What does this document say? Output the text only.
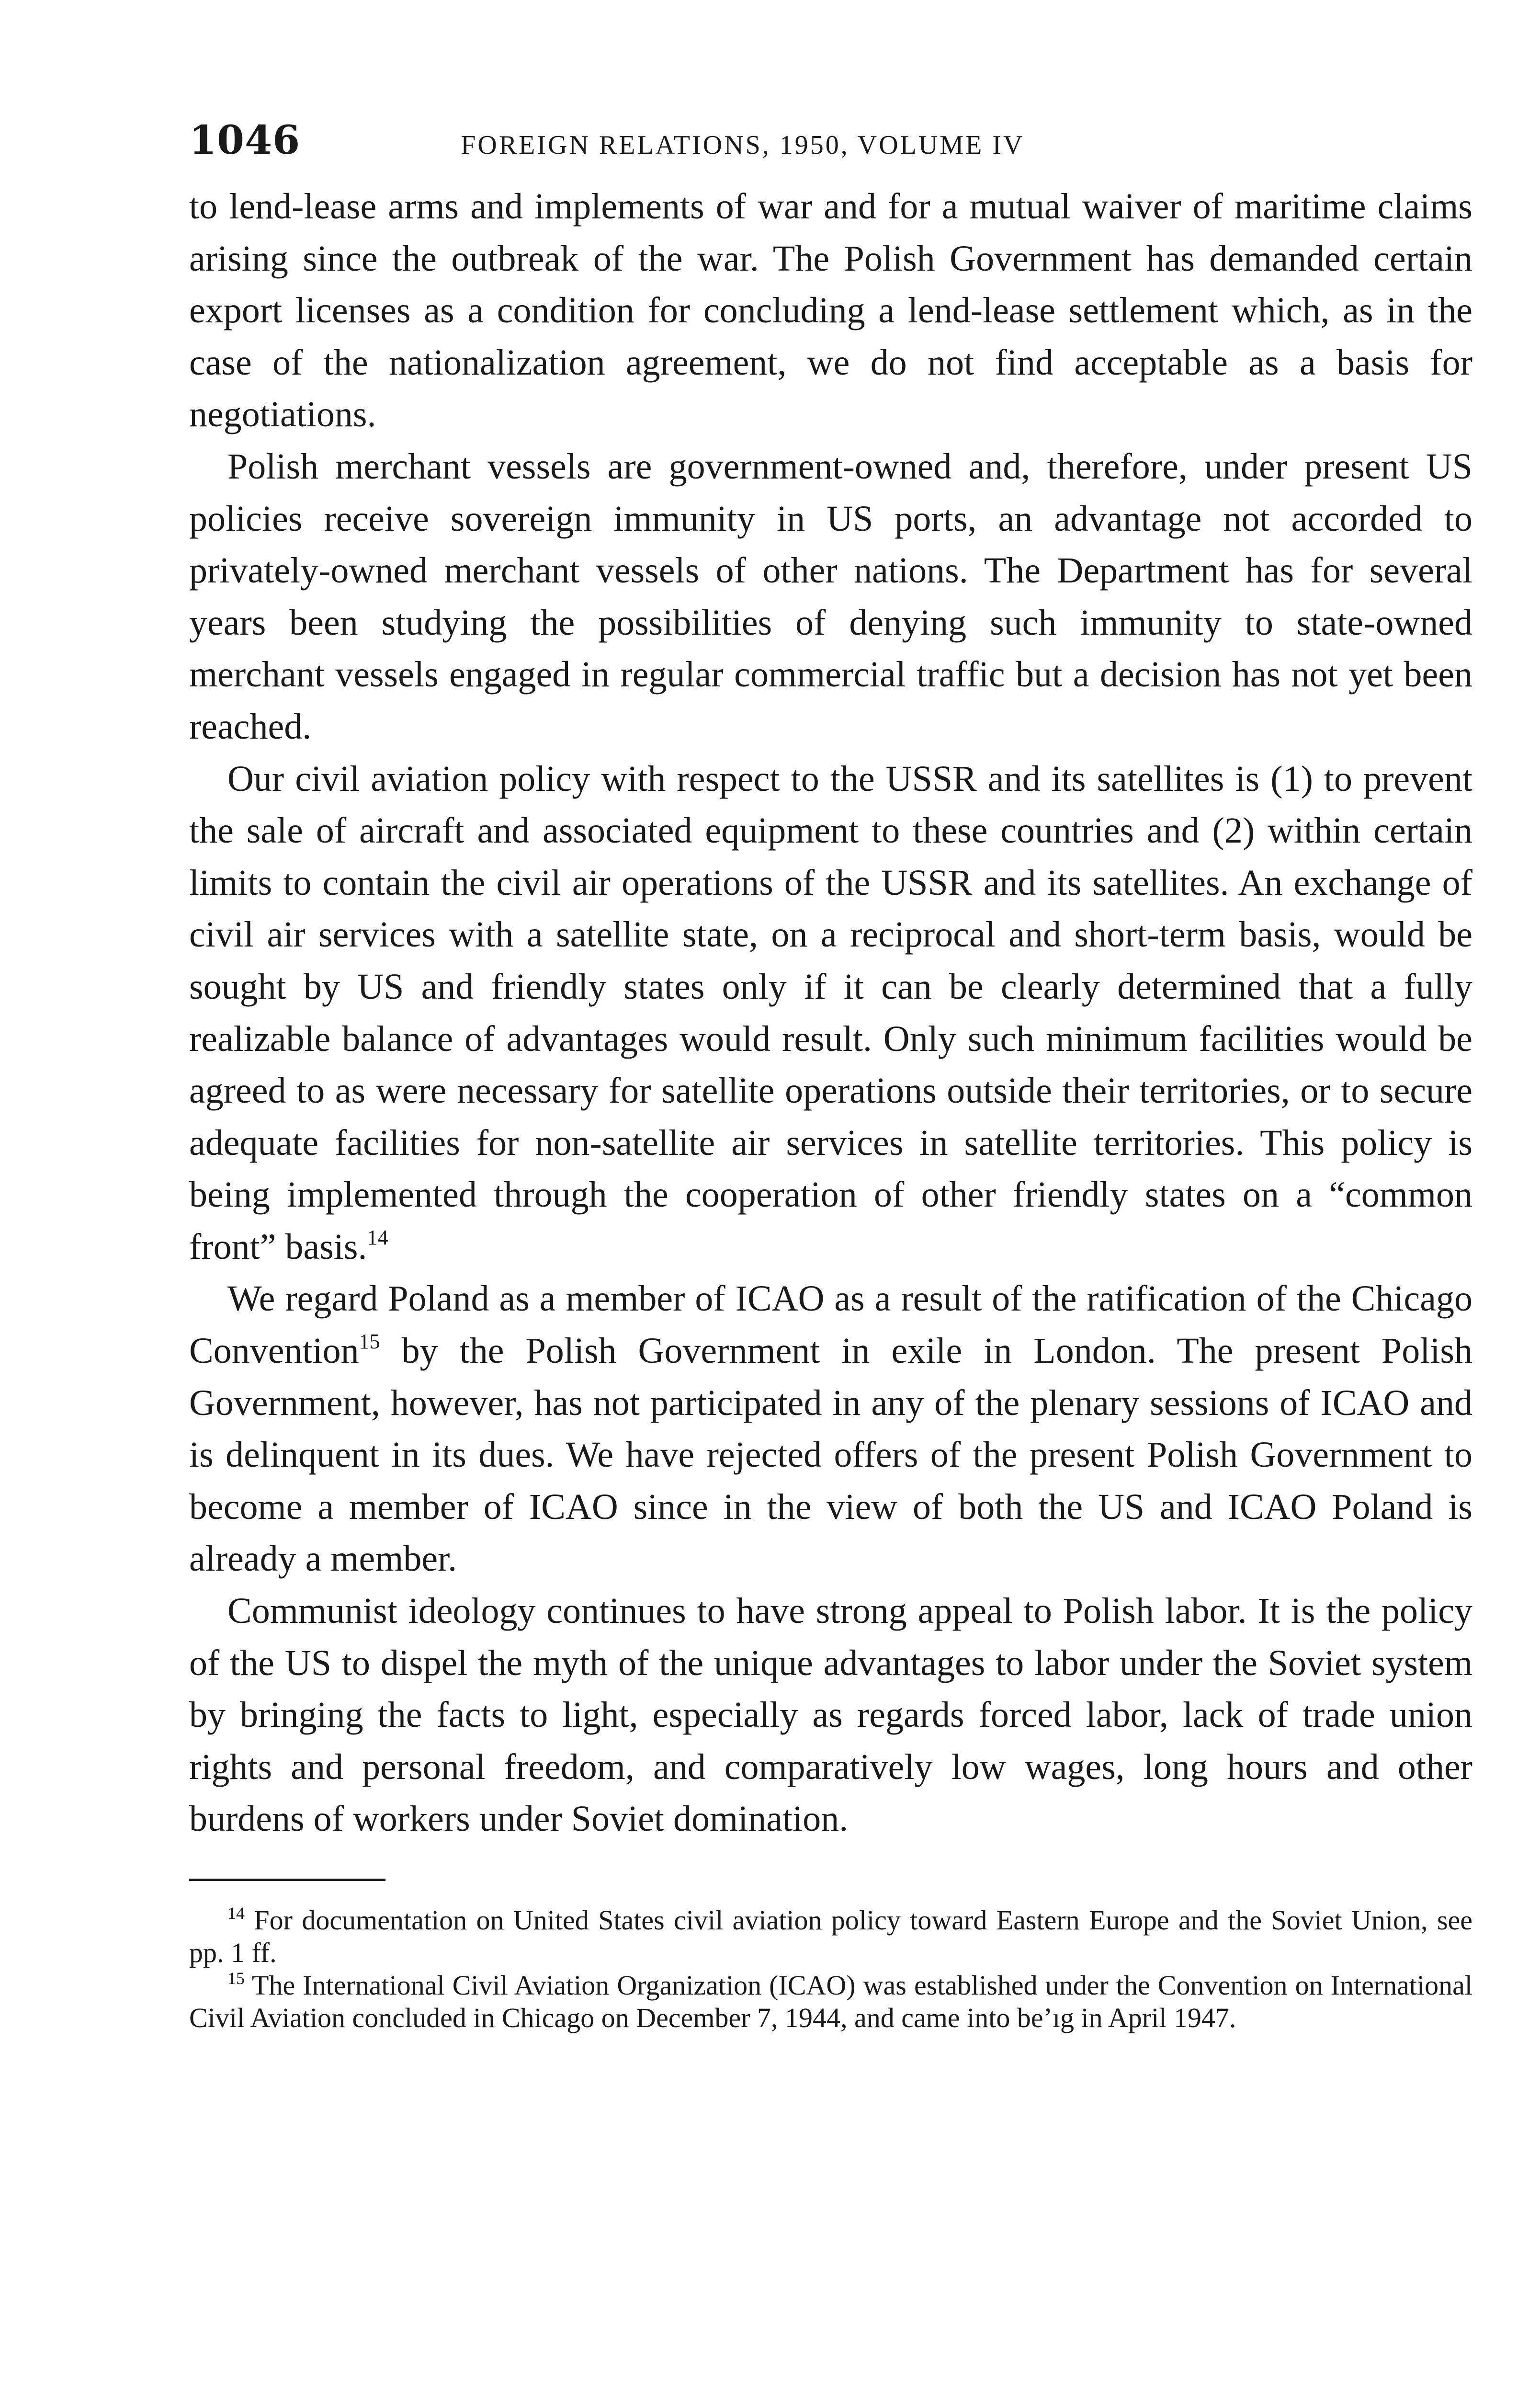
1046	FOREIGN RELATIONS, 1950, VOLUME IV

to lend-lease arms and implements of war and for a mutual waiver of maritime claims arising since the outbreak of the war. The Polish Government has demanded certain export licenses as a condition for concluding a lend-lease settlement which, as in the case of the nationalization agreement, we do not find acceptable as a basis for negotiations.

Polish merchant vessels are government-owned and, therefore, under present US policies receive sovereign immunity in US ports, an advantage not accorded to privately-owned merchant vessels of other nations. The Department has for several years been studying the possibilities of denying such immunity to state-owned merchant vessels engaged in regular commercial traffic but a decision has not yet been reached.

Our civil aviation policy with respect to the USSR and its satellites is (1) to prevent the sale of aircraft and associated equipment to these countries and (2) within certain limits to contain the civil air operations of the USSR and its satellites. An exchange of civil air services with a satellite state, on a reciprocal and short-term basis, would be sought by US and friendly states only if it can be clearly determined that a fully realizable balance of advantages would result. Only such minimum facilities would be agreed to as were necessary for satellite operations outside their territories, or to secure adequate facilities for non-satellite air services in satellite territories. This policy is being implemented through the cooperation of other friendly states on a “common front” basis.$^{14}$

We regard Poland as a member of ICAO as a result of the ratification of the Chicago Convention$^{15}$ by the Polish Government in exile in London. The present Polish Government, however, has not participated in any of the plenary sessions of ICAO and is delinquent in its dues. We have rejected offers of the present Polish Government to become a member of ICAO since in the view of both the US and ICAO Poland is already a member.

Communist ideology continues to have strong appeal to Polish labor. It is the policy of the US to dispel the myth of the unique advantages to labor under the Soviet system by bringing the facts to light, especially as regards forced labor, lack of trade union rights and personal freedom, and comparatively low wages, long hours and other burdens of workers under Soviet domination.

$^{14}$ For documentation on United States civil aviation policy toward Eastern Europe and the Soviet Union, see pp. 1 ff.

$^{15}$ The International Civil Aviation Organization (ICAO) was established under the Convention on International Civil Aviation concluded in Chicago on December 7, 1944, and came into be’ıg in April 1947.
